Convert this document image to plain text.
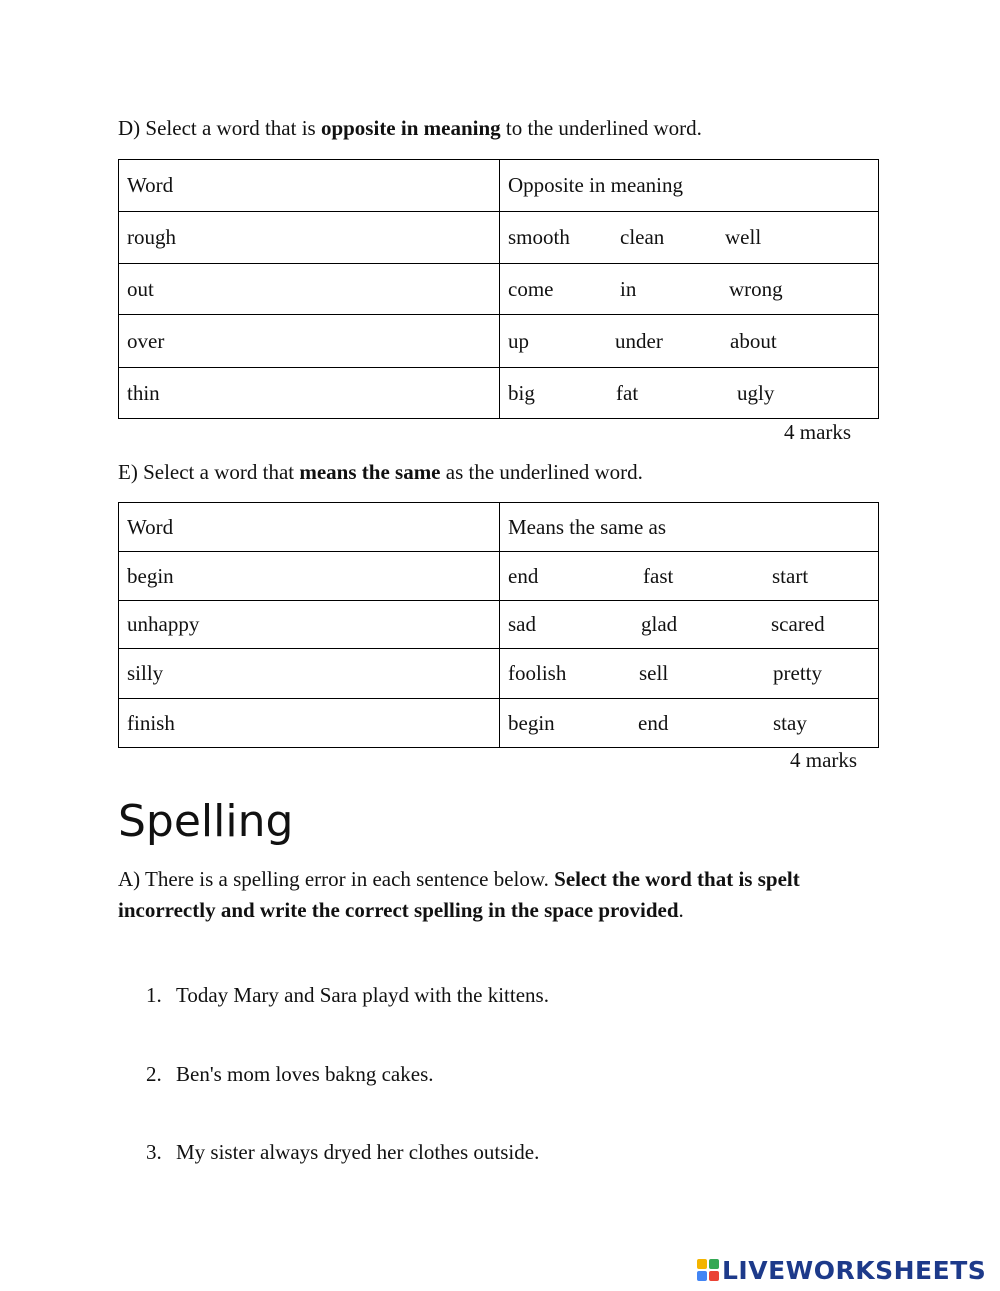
D) Select a word that is opposite in meaning to the underlined word.
Word	Opposite in meaning
rough	smooth clean well
out	come in wrong
over	up under about
thin	big fat ugly
4 marks
E) Select a word that means the same as the underlined word.
Word	Means the same as
begin	end fast start
unhappy	sad glad scared
silly	foolish sell pretty
finish	begin end stay
4 marks
Spelling
A) There is a spelling error in each sentence below. Select the word that is spelt incorrectly and write the correct spelling in the space provided.
1. Today Mary and Sara playd with the kittens.
2. Ben's mom loves bakng cakes.
3. My sister always dryed her clothes outside.
LIVEWORKSHEETS
